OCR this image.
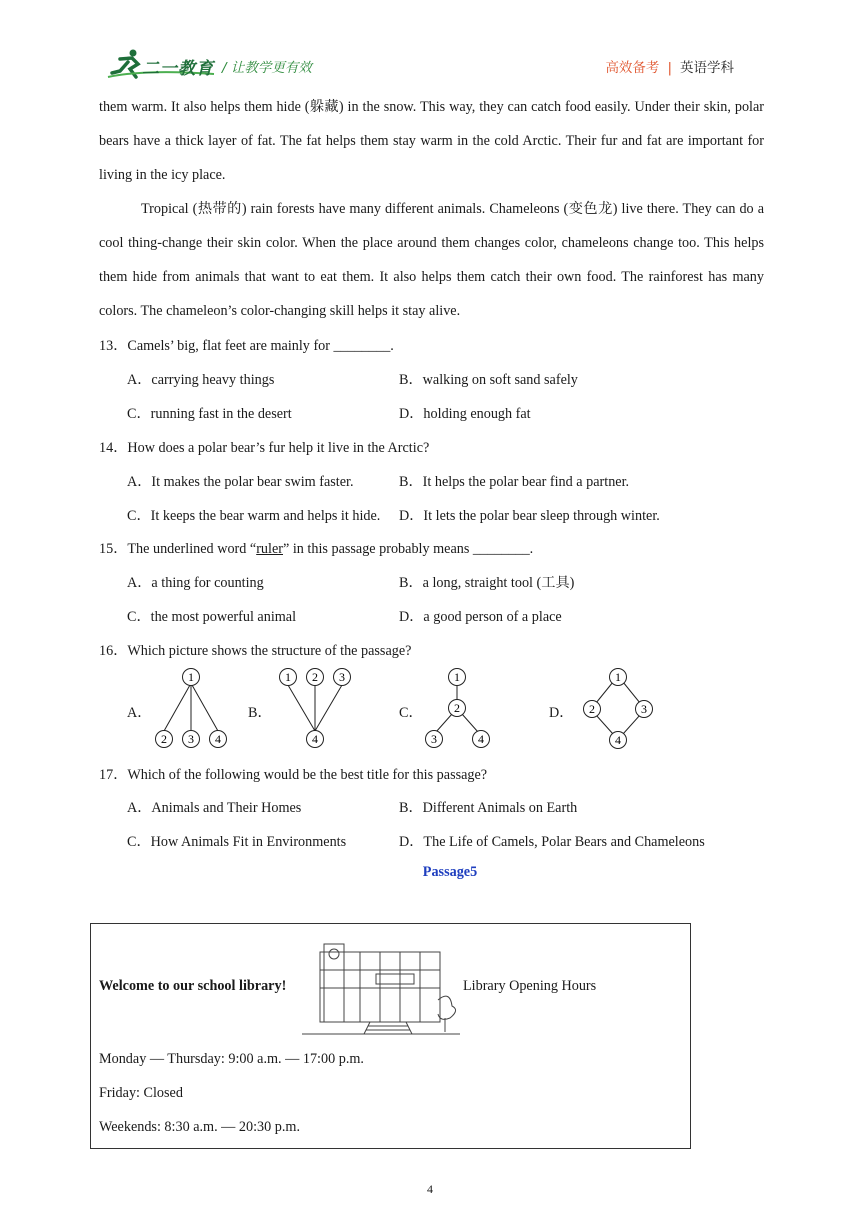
二一教育 / 让教学更有效	高效备考 | 英语学科
them warm. It also helps them hide (躲藏) in the snow. This way, they can catch food easily. Under their skin, polar bears have a thick layer of fat. The fat helps them stay warm in the cold Arctic. Their fur and fat are important for living in the icy place.
Tropical (热带的) rain forests have many different animals. Chameleons (变色龙) live there. They can do a cool thing-change their skin color. When the place around them changes color, chameleons change too. This helps them hide from animals that want to eat them. It also helps them catch their own food. The rainforest has many colors. The chameleon’s color-changing skill helps it stay alive.
13．Camels’ big, flat feet are mainly for ________.
A．carrying heavy things	B．walking on soft sand safely
C．running fast in the desert	D．holding enough fat
14．How does a polar bear’s fur help it live in the Arctic?
A．It makes the polar bear swim faster.	B．It helps the polar bear find a partner.
C．It keeps the bear warm and helps it hide. D．It lets the polar bear sleep through winter.
15．The underlined word “ruler” in this passage probably means ________.
A．a thing for counting	B．a long, straight tool (工具)
C．the most powerful animal	D．a good person of a place
16．Which picture shows the structure of the passage?
A．	B．	C．	D．
1
2 3 4
1 2 3
4
1
2
3	4
1
2	3
4
17．Which of the following would be the best title for this passage?
A．Animals and Their Homes	B．Different Animals on Earth
C．How Animals Fit in Environments	D．The Life of Camels, Polar Bears and Chameleons
Passage5
Welcome to our school library!	Library Opening Hours
Monday — Thursday: 9:00 a.m. — 17:00 p.m.
Friday: Closed
Weekends: 8:30 a.m. — 20:30 p.m.
4
